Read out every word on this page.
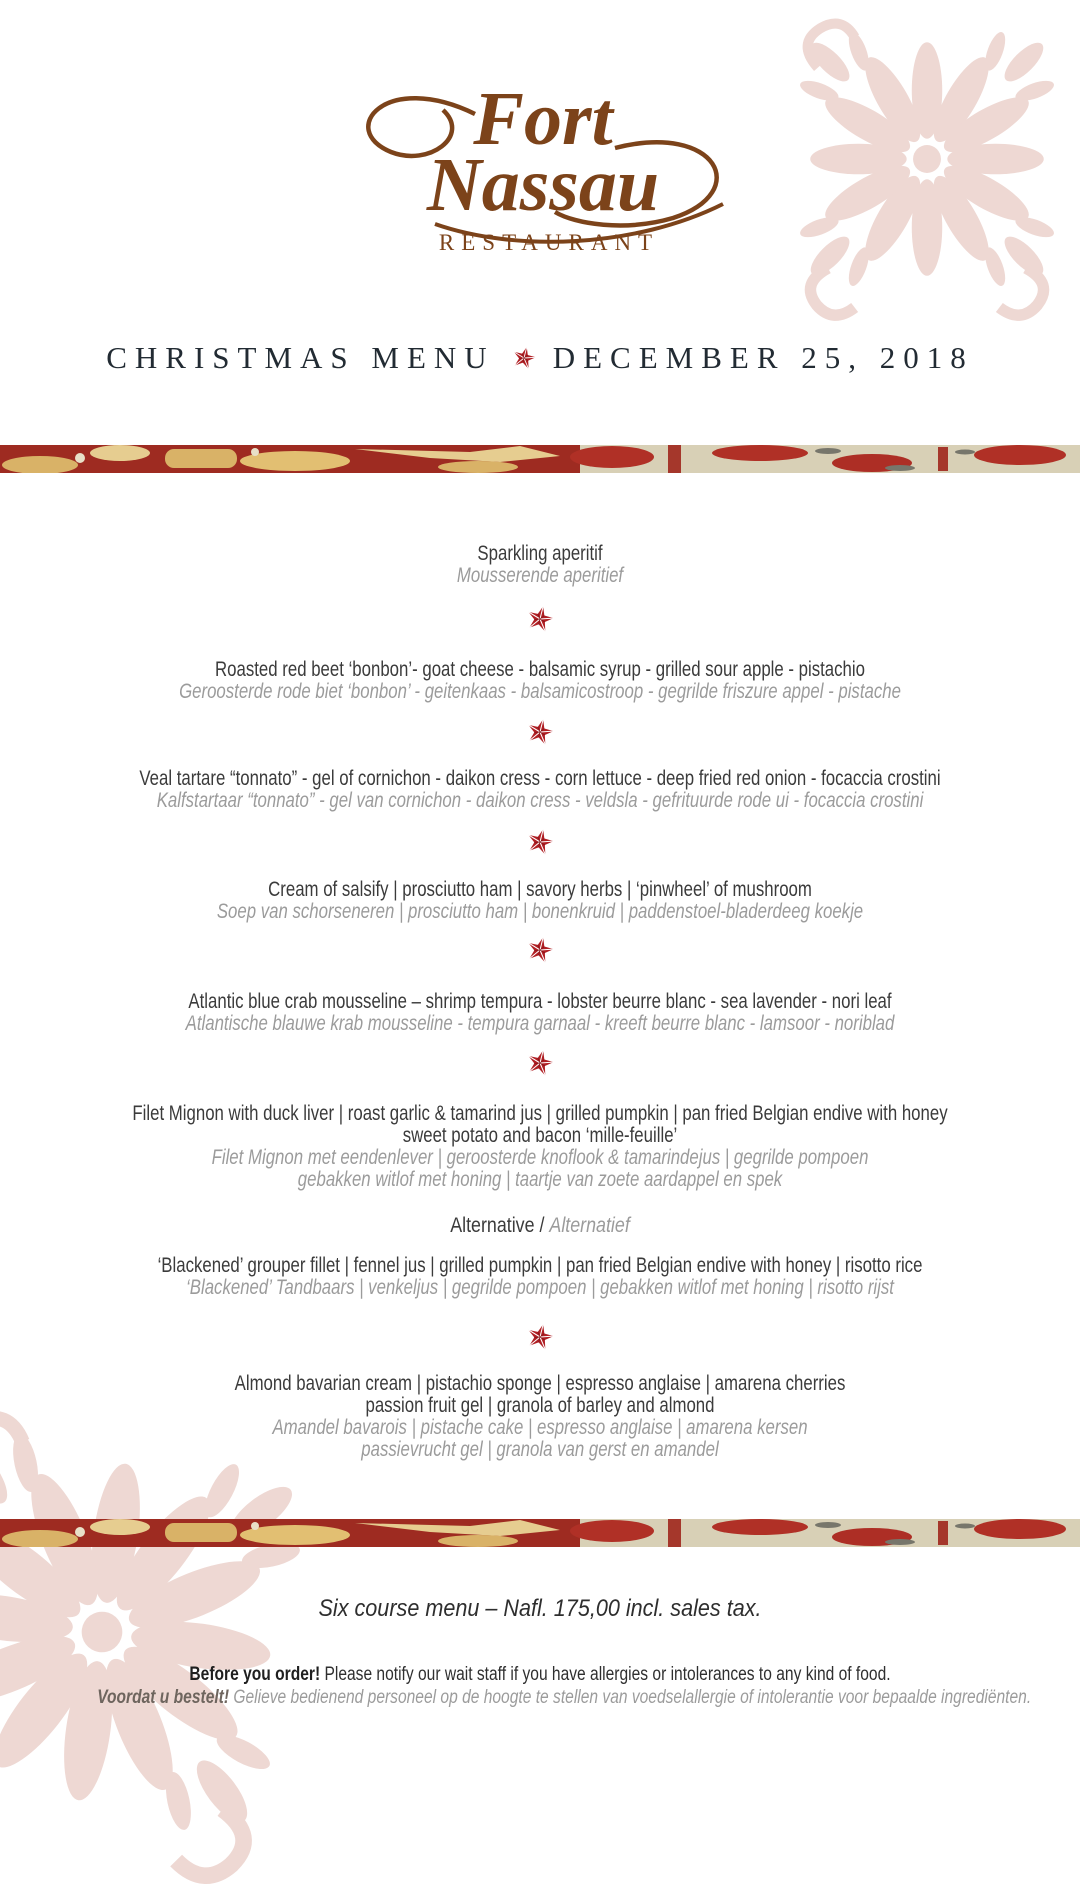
Fort
Nassau
RESTAURANT
CHRISTMAS MENU DECEMBER 25, 2018
Sparkling aperitif
Mousserende aperitief
Roasted red beet ‘bonbon’- goat cheese - balsamic syrup - grilled sour apple - pistachio
Geroosterde rode biet ‘bonbon’ - geitenkaas - balsamicostroop - gegrilde friszure appel - pistache
Veal tartare “tonnato” - gel of cornichon - daikon cress - corn lettuce - deep fried red onion - focaccia crostini
Kalfstartaar “tonnato” - gel van cornichon - daikon cress - veldsla - gefrituurde rode ui - focaccia crostini
Cream of salsify | prosciutto ham | savory herbs | ‘pinwheel’ of mushroom
Soep van schorseneren | prosciutto ham | bonenkruid | paddenstoel-bladerdeeg koekje
Atlantic blue crab mousseline – shrimp tempura - lobster beurre blanc - sea lavender - nori leaf
Atlantische blauwe krab mousseline - tempura garnaal - kreeft beurre blanc - lamsoor - noriblad
Filet Mignon with duck liver | roast garlic & tamarind jus | grilled pumpkin | pan fried Belgian endive with honey
sweet potato and bacon ‘mille-feuille’
Filet Mignon met eendenlever | geroosterde knoflook & tamarindejus | gegrilde pompoen
gebakken witlof met honing | taartje van zoete aardappel en spek
Alternative / Alternatief
‘Blackened’ grouper fillet | fennel jus | grilled pumpkin | pan fried Belgian endive with honey | risotto rice
‘Blackened’ Tandbaars | venkeljus | gegrilde pompoen | gebakken witlof met honing | risotto rijst
Almond bavarian cream | pistachio sponge | espresso anglaise | amarena cherries
passion fruit gel | granola of barley and almond
Amandel bavarois | pistache cake | espresso anglaise | amarena kersen
passievrucht gel | granola van gerst en amandel
Six course menu – Nafl. 175,00 incl. sales tax.
Before you order! Please notify our wait staff if you have allergies or intolerances to any kind of food.
Voordat u bestelt! Gelieve bedienend personeel op de hoogte te stellen van voedselallergie of intolerantie voor bepaalde ingrediënten.
